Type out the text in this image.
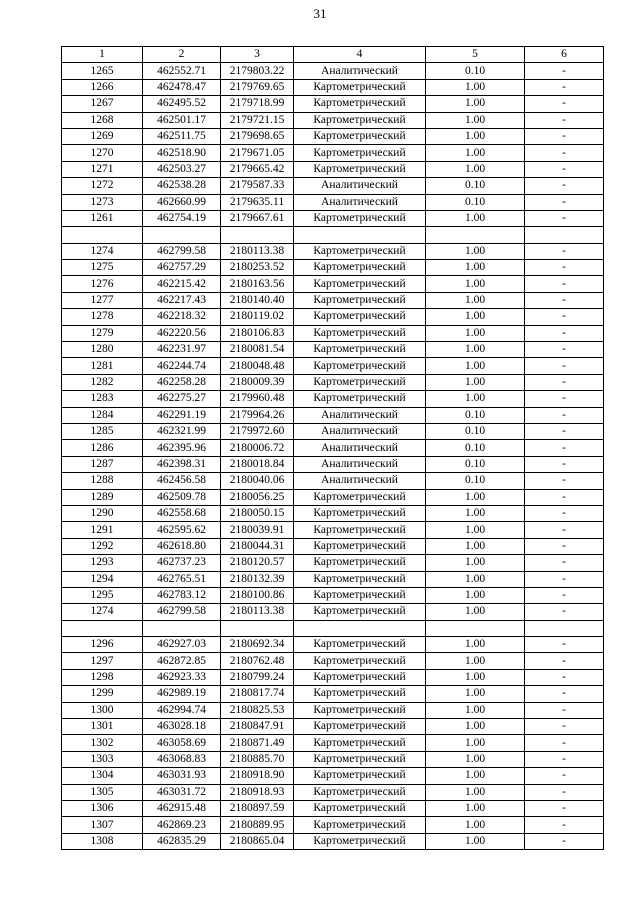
31
1	2	3	4	5	6
1265	462552.71	2179803.22	Аналитический	0.10	-
1266	462478.47	2179769.65	Картометрический	1.00	-
1267	462495.52	2179718.99	Картометрический	1.00	-
1268	462501.17	2179721.15	Картометрический	1.00	-
1269	462511.75	2179698.65	Картометрический	1.00	-
1270	462518.90	2179671.05	Картометрический	1.00	-
1271	462503.27	2179665.42	Картометрический	1.00	-
1272	462538.28	2179587.33	Аналитический	0.10	-
1273	462660.99	2179635.11	Аналитический	0.10	-
1261	462754.19	2179667.61	Картометрический	1.00	-

1274	462799.58	2180113.38	Картометрический	1.00	-
1275	462757.29	2180253.52	Картометрический	1.00	-
1276	462215.42	2180163.56	Картометрический	1.00	-
1277	462217.43	2180140.40	Картометрический	1.00	-
1278	462218.32	2180119.02	Картометрический	1.00	-
1279	462220.56	2180106.83	Картометрический	1.00	-
1280	462231.97	2180081.54	Картометрический	1.00	-
1281	462244.74	2180048.48	Картометрический	1.00	-
1282	462258.28	2180009.39	Картометрический	1.00	-
1283	462275.27	2179960.48	Картометрический	1.00	-
1284	462291.19	2179964.26	Аналитический	0.10	-
1285	462321.99	2179972.60	Аналитический	0.10	-
1286	462395.96	2180006.72	Аналитический	0.10	-
1287	462398.31	2180018.84	Аналитический	0.10	-
1288	462456.58	2180040.06	Аналитический	0.10	-
1289	462509.78	2180056.25	Картометрический	1.00	-
1290	462558.68	2180050.15	Картометрический	1.00	-
1291	462595.62	2180039.91	Картометрический	1.00	-
1292	462618.80	2180044.31	Картометрический	1.00	-
1293	462737.23	2180120.57	Картометрический	1.00	-
1294	462765.51	2180132.39	Картометрический	1.00	-
1295	462783.12	2180100.86	Картометрический	1.00	-
1274	462799.58	2180113.38	Картометрический	1.00	-

1296	462927.03	2180692.34	Картометрический	1.00	-
1297	462872.85	2180762.48	Картометрический	1.00	-
1298	462923.33	2180799.24	Картометрический	1.00	-
1299	462989.19	2180817.74	Картометрический	1.00	-
1300	462994.74	2180825.53	Картометрический	1.00	-
1301	463028.18	2180847.91	Картометрический	1.00	-
1302	463058.69	2180871.49	Картометрический	1.00	-
1303	463068.83	2180885.70	Картометрический	1.00	-
1304	463031.93	2180918.90	Картометрический	1.00	-
1305	463031.72	2180918.93	Картометрический	1.00	-
1306	462915.48	2180897.59	Картометрический	1.00	-
1307	462869.23	2180889.95	Картометрический	1.00	-
1308	462835.29	2180865.04	Картометрический	1.00	-
